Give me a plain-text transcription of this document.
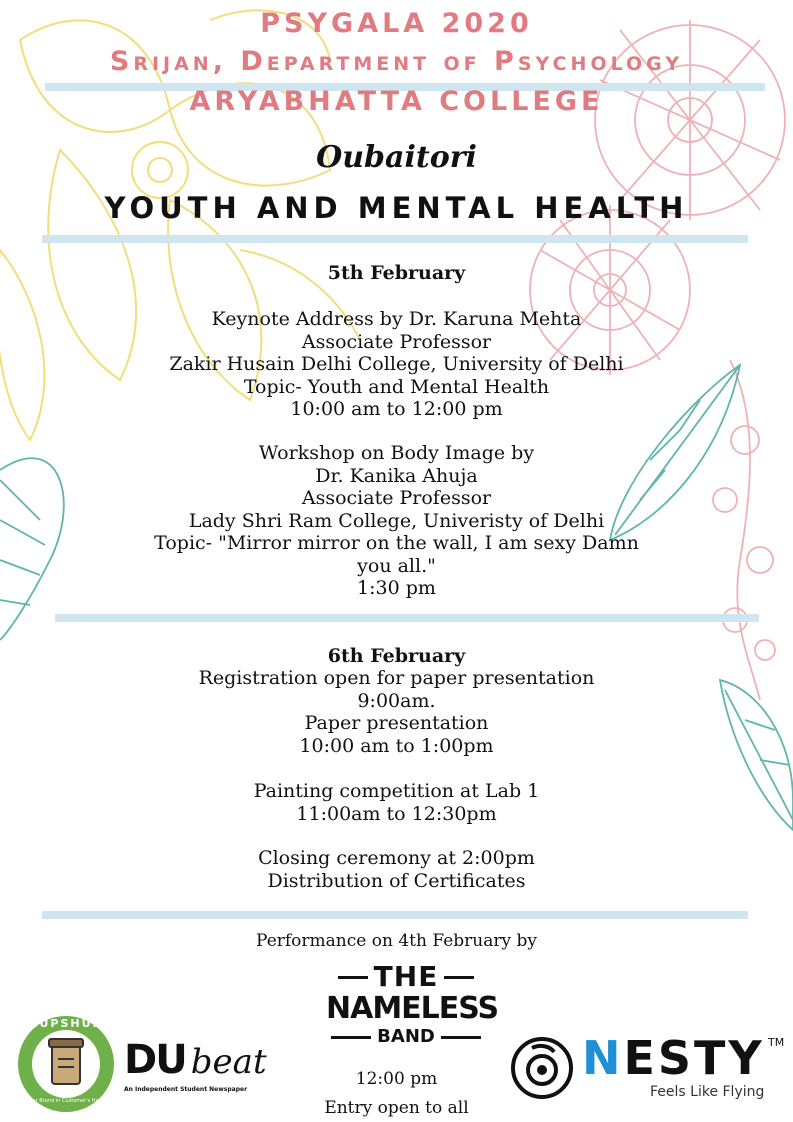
PSYGALA 2020
Srijan, Department of Psychology
ARYABHATTA COLLEGE
Oubaitori
YOUTH AND MENTAL HEALTH
5th February
Keynote Address by Dr. Karuna Mehta
Associate Professor
Zakir Husain Delhi College, University of Delhi
Topic- Youth and Mental Health
10:00 am to 12:00 pm
Workshop on Body Image by
Dr. Kanika Ahuja
Associate Professor
Lady Shri Ram College, Univeristy of Delhi
Topic- "Mirror mirror on the wall, I am sexy Damn
you all."
1:30 pm
6th February
Registration open for paper presentation
9:00am.
Paper presentation
10:00 am to 1:00pm
Painting competition at Lab 1
11:00am to 12:30pm
Closing ceremony at 2:00pm
Distribution of Certificates
Performance on 4th February by
THE
NAMELESS
BAND
12:00 pm
Entry open to all
CUPSHUP
Your Brand in Customer's Hand
DU beat
An Independent Student Newspaper
NESTY TM
Feels Like Flying
